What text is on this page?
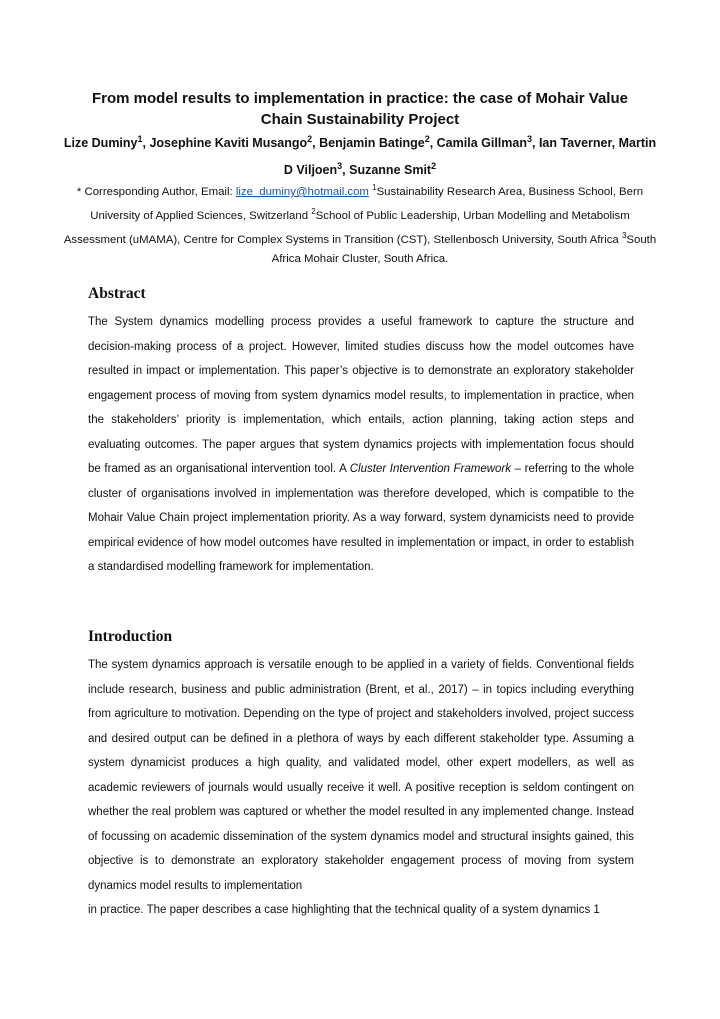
From model results to implementation in practice: the case of Mohair Value
Chain Sustainability Project
Lize Duminy$^1$, Josephine Kaviti Musango$^2$, Benjamin Batinge$^2$, Camila Gillman$^3$, Ian Taverner, Martin D Viljoen$^3$, Suzanne Smit$^2$
* Corresponding Author, Email: lize_duminy@hotmail.com $^1$Sustainability Research Area, Business School, Bern University of Applied Sciences, Switzerland $^2$School of Public Leadership, Urban Modelling and Metabolism Assessment (uMAMA), Centre for Complex Systems in Transition (CST), Stellenbosch University, South Africa $^3$South Africa Mohair Cluster, South Africa.
Abstract

The System dynamics modelling process provides a useful framework to capture the structure and decision-making process of a project. However, limited studies discuss how the model outcomes have resulted in impact or implementation. This paper’s objective is to demonstrate an exploratory stakeholder engagement process of moving from system dynamics model results, to implementation in practice, when the stakeholders’ priority is implementation, which entails, action planning, taking action steps and evaluating outcomes. The paper argues that system dynamics projects with implementation focus should be framed as an organisational intervention tool. A Cluster Intervention Framework – referring to the whole cluster of organisations involved in implementation was therefore developed, which is compatible to the Mohair Value Chain project implementation priority. As a way forward, system dynamicists need to provide empirical evidence of how model outcomes have resulted in implementation or impact, in order to establish a standardised modelling framework for implementation.

Introduction

The system dynamics approach is versatile enough to be applied in a variety of fields. Conventional fields include research, business and public administration (Brent, et al., 2017) – in topics including everything from agriculture to motivation. Depending on the type of project and stakeholders involved, project success and desired output can be defined in a plethora of ways by each different stakeholder type. Assuming a system dynamicist produces a high quality, and validated model, other expert modellers, as well as academic reviewers of journals would usually receive it well. A positive reception is seldom contingent on whether the real problem was captured or whether the model resulted in any implemented change. Instead of focussing on academic dissemination of the system dynamics model and structural insights gained, this objective is to demonstrate an exploratory stakeholder engagement process of moving from system dynamics model results to implementation

in practice. The paper describes a case highlighting that the technical quality of a system dynamics 1
